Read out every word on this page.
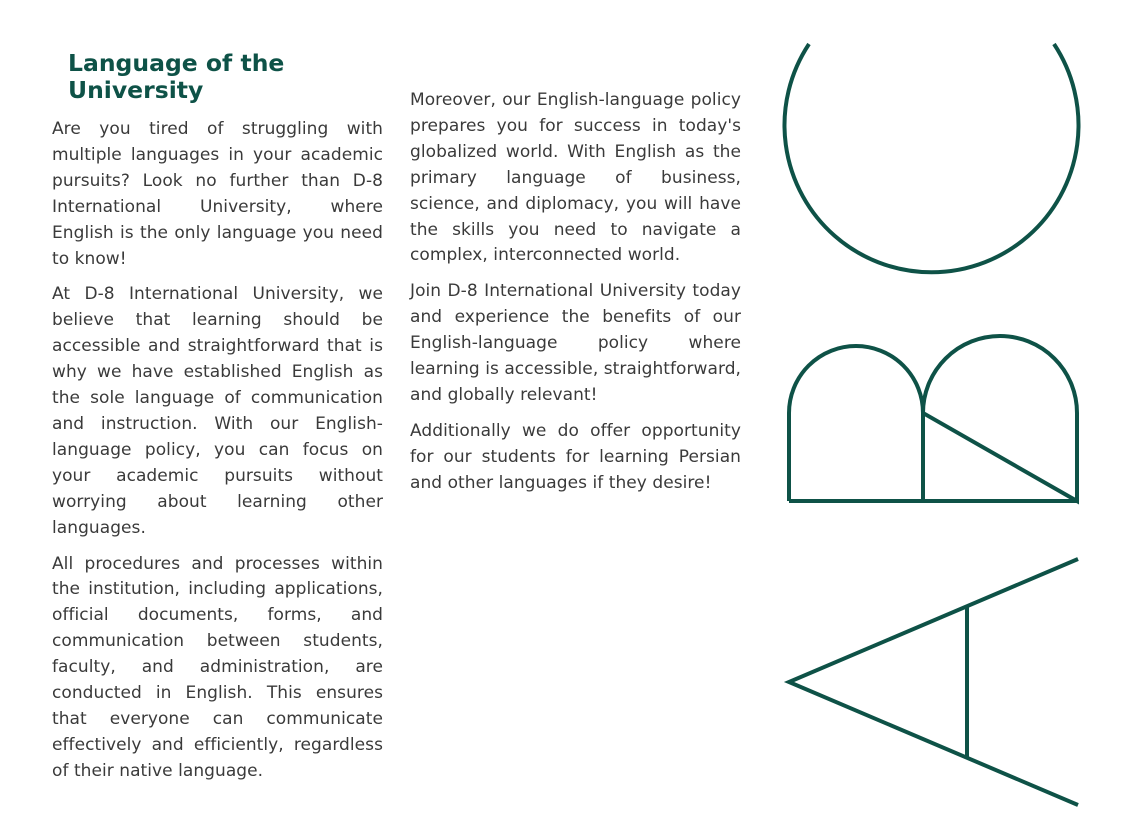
Language of the University

Are you tired of struggling with multiple languages in your academic pursuits? Look no further than D-8 International University, where English is the only language you need to know!

At D-8 International University, we believe that learning should be accessible and straightforward that is why we have established English as the sole language of communication and instruction. With our English-language policy, you can focus on your academic pursuits without worrying about learning other languages.

All procedures and processes within the institution, including applications, official documents, forms, and communication between students, faculty, and administration, are conducted in English. This ensures that everyone can communicate effectively and efficiently, regardless of their native language.

Moreover, our English-language policy prepares you for success in today's globalized world. With English as the primary language of business, science, and diplomacy, you will have the skills you need to navigate a complex, interconnected world.

Join D-8 International University today and experience the benefits of our English-language policy where learning is accessible, straightforward, and globally relevant!

Additionally we do offer opportunity for our students for learning Persian and other languages if they desire!
